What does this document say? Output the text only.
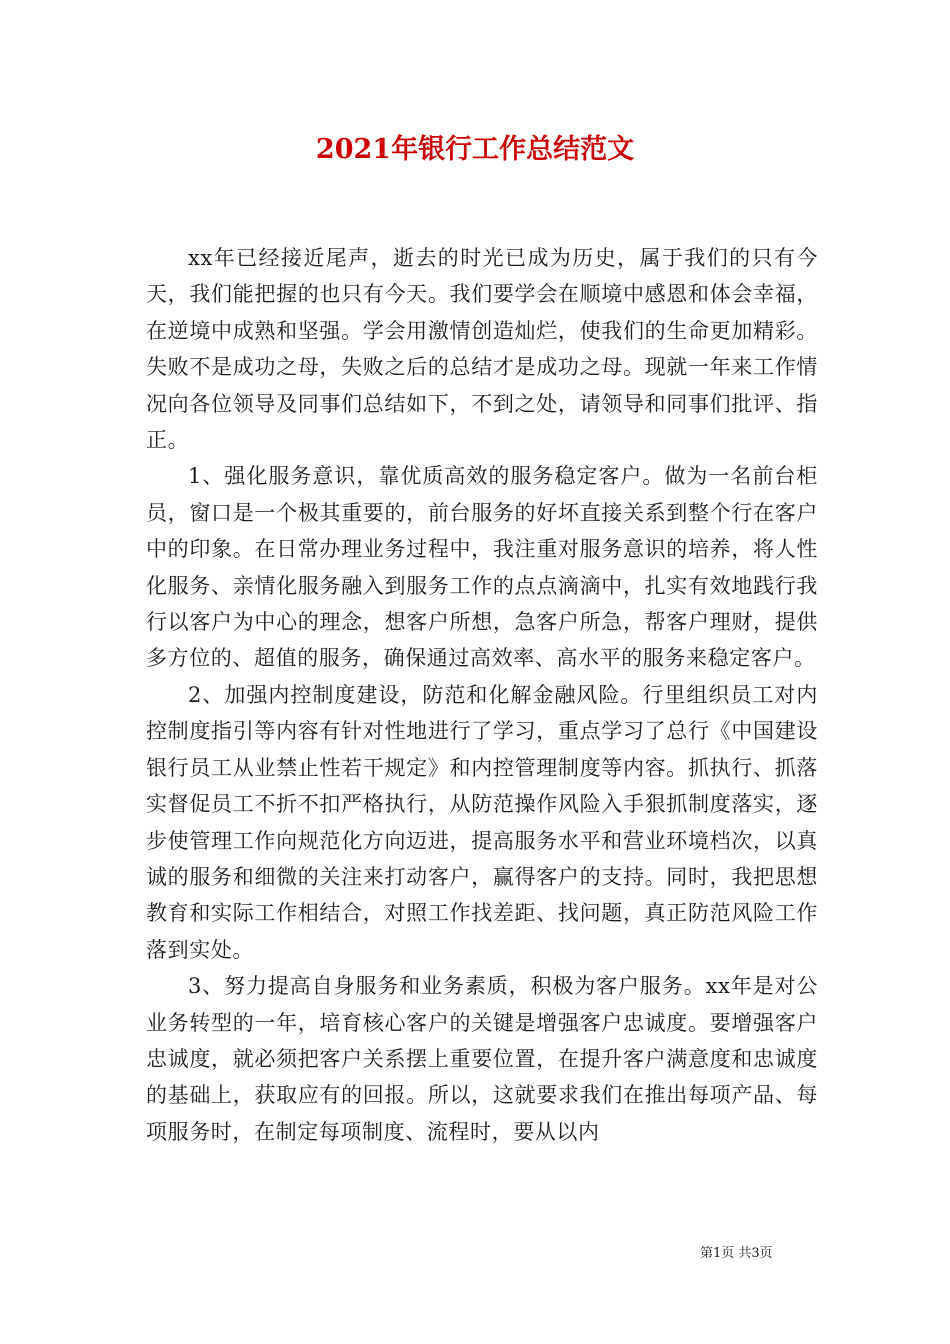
2021年银行工作总结范文

xx年已经接近尾声，逝去的时光已成为历史，属于我们的只有今天，我们能把握的也只有今天。我们要学会在顺境中感恩和体会幸福，在逆境中成熟和坚强。学会用激情创造灿烂，使我们的生命更加精彩。失败不是成功之母，失败之后的总结才是成功之母。现就一年来工作情况向各位领导及同事们总结如下，不到之处，请领导和同事们批评、指正。

1、强化服务意识，靠优质高效的服务稳定客户。做为一名前台柜员，窗口是一个极其重要的，前台服务的好坏直接关系到整个行在客户中的印象。在日常办理业务过程中，我注重对服务意识的培养，将人性化服务、亲情化服务融入到服务工作的点点滴滴中，扎实有效地践行我行以客户为中心的理念，想客户所想，急客户所急，帮客户理财，提供多方位的、超值的服务，确保通过高效率、高水平的服务来稳定客户。

2、加强内控制度建设，防范和化解金融风险。行里组织员工对内控制度指引等内容有针对性地进行了学习，重点学习了总行《中国建设银行员工从业禁止性若干规定》和内控管理制度等内容。抓执行、抓落实督促员工不折不扣严格执行，从防范操作风险入手狠抓制度落实，逐步使管理工作向规范化方向迈进，提高服务水平和营业环境档次，以真诚的服务和细微的关注来打动客户，赢得客户的支持。同时，我把思想教育和实际工作相结合，对照工作找差距、找问题，真正防范风险工作落到实处。

3、努力提高自身服务和业务素质，积极为客户服务。xx年是对公业务转型的一年，培育核心客户的关键是增强客户忠诚度。要增强客户忠诚度，就必须把客户关系摆上重要位置，在提升客户满意度和忠诚度的基础上，获取应有的回报。所以，这就要求我们在推出每项产品、每项服务时，在制定每项制度、流程时，要从以内

第1页 共3页
